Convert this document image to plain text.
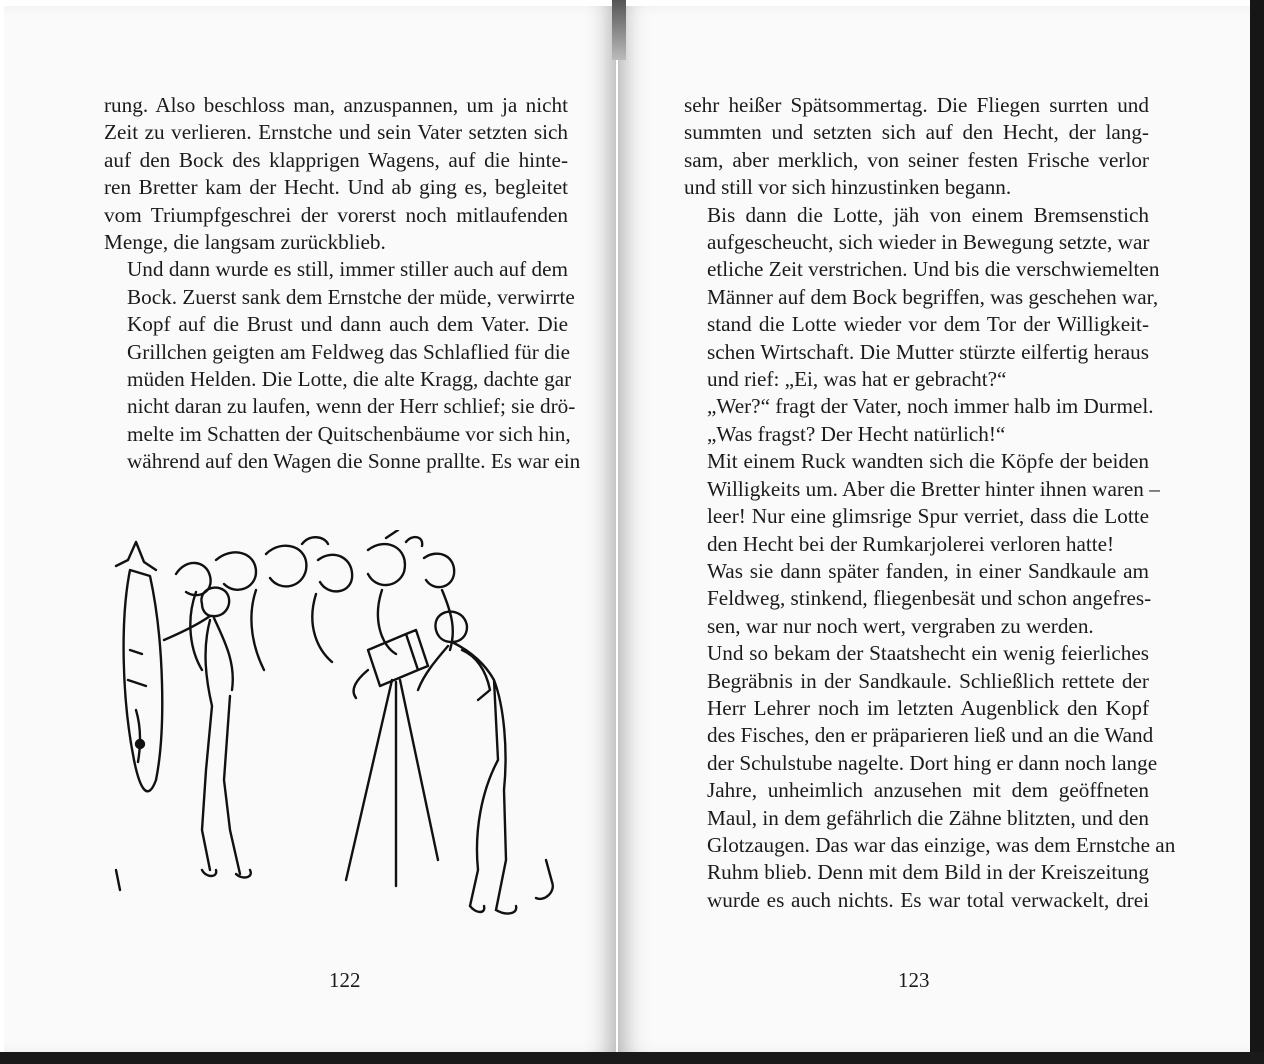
rung. Also beschloss man, anzuspannen, um ja nicht
Zeit zu verlieren. Ernstche und sein Vater setzten sich
auf den Bock des klapprigen Wagens, auf die hinte-
ren Bretter kam der Hecht. Und ab ging es, begleitet
vom Triumpfgeschrei der vorerst noch mitlaufenden
Menge, die langsam zurückblieb.

Und dann wurde es still, immer stiller auch auf dem
Bock. Zuerst sank dem Ernstche der müde, verwirrte
Kopf auf die Brust und dann auch dem Vater. Die
Grillchen geigten am Feldweg das Schlaflied für die
müden Helden. Die Lotte, die alte Kragg, dachte gar
nicht daran zu laufen, wenn der Herr schlief; sie drö-
melte im Schatten der Quitschenbäume vor sich hin,
während auf den Wagen die Sonne prallte. Es war ein

sehr heißer Spätsommertag. Die Fliegen surrten und
summten und setzten sich auf den Hecht, der lang-
sam, aber merklich, von seiner festen Frische verlor
und still vor sich hinzustinken begann.

Bis dann die Lotte, jäh von einem Bremsenstich
aufgescheucht, sich wieder in Bewegung setzte, war
etliche Zeit verstrichen. Und bis die verschwiemelten
Männer auf dem Bock begriffen, was geschehen war,
stand die Lotte wieder vor dem Tor der Willigkeit-
schen Wirtschaft. Die Mutter stürzte eilfertig heraus
und rief: „Ei, was hat er gebracht?“

„Wer?“ fragt der Vater, noch immer halb im Durmel.

„Was fragst? Der Hecht natürlich!“

Mit einem Ruck wandten sich die Köpfe der beiden
Willigkeits um. Aber die Bretter hinter ihnen waren –
leer! Nur eine glimsrige Spur verriet, dass die Lotte
den Hecht bei der Rumkarjolerei verloren hatte!

Was sie dann später fanden, in einer Sandkaule am
Feldweg, stinkend, fliegenbesät und schon angefres-
sen, war nur noch wert, vergraben zu werden.

Und so bekam der Staatshecht ein wenig feierliches
Begräbnis in der Sandkaule. Schließlich rettete der
Herr Lehrer noch im letzten Augenblick den Kopf
des Fisches, den er präparieren ließ und an die Wand
der Schulstube nagelte. Dort hing er dann noch lange
Jahre, unheimlich anzusehen mit dem geöffneten
Maul, in dem gefährlich die Zähne blitzten, und den
Glotzaugen. Das war das einzige, was dem Ernstche an
Ruhm blieb. Denn mit dem Bild in der Kreiszeitung
wurde es auch nichts. Es war total verwackelt, drei

122	123
